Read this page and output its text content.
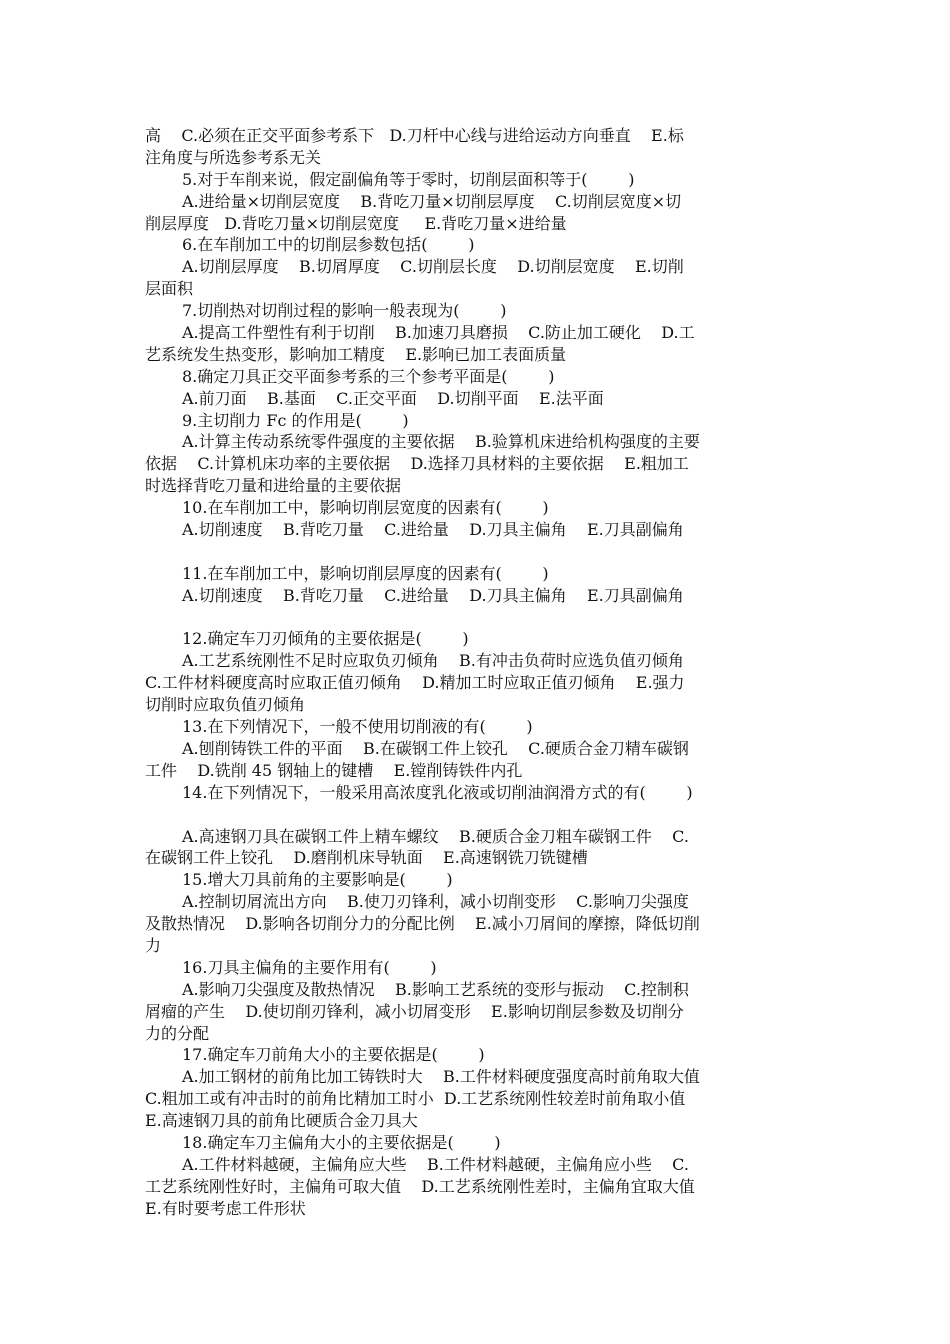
高    C.必须在正交平面参考系下   D.刀杆中心线与进给运动方向垂直    E.标
注角度与所选参考系无关
5.对于车削来说，假定副偏角等于零时，切削层面积等于(        )
A.进给量×切削层宽度    B.背吃刀量×切削层厚度    C.切削层宽度×切
削层厚度   D.背吃刀量×切削层宽度     E.背吃刀量×进给量
6.在车削加工中的切削层参数包括(        )
A.切削层厚度    B.切屑厚度    C.切削层长度    D.切削层宽度    E.切削
层面积
7.切削热对切削过程的影响一般表现为(        )
A.提高工件塑性有利于切削    B.加速刀具磨损    C.防止加工硬化    D.工
艺系统发生热变形，影响加工精度    E.影响已加工表面质量
8.确定刀具正交平面参考系的三个参考平面是(        )
A.前刀面    B.基面    C.正交平面    D.切削平面    E.法平面
9.主切削力 Fc 的作用是(        )
A.计算主传动系统零件强度的主要依据    B.验算机床进给机构强度的主要
依据    C.计算机床功率的主要依据    D.选择刀具材料的主要依据    E.粗加工
时选择背吃刀量和进给量的主要依据
10.在车削加工中，影响切削层宽度的因素有(        )
A.切削速度    B.背吃刀量    C.进给量    D.刀具主偏角    E.刀具副偏角
11.在车削加工中，影响切削层厚度的因素有(        )
A.切削速度    B.背吃刀量    C.进给量    D.刀具主偏角    E.刀具副偏角
12.确定车刀刃倾角的主要依据是(        )
A.工艺系统刚性不足时应取负刃倾角    B.有冲击负荷时应选负值刃倾角
C.工件材料硬度高时应取正值刃倾角    D.精加工时应取正值刃倾角    E.强力
切削时应取负值刃倾角
13.在下列情况下，一般不使用切削液的有(        )
A.刨削铸铁工件的平面    B.在碳钢工件上铰孔    C.硬质合金刀精车碳钢
工件    D.铣削 45 钢轴上的键槽    E.镗削铸铁件内孔
14.在下列情况下，一般采用高浓度乳化液或切削油润滑方式的有(        )
A.高速钢刀具在碳钢工件上精车螺纹    B.硬质合金刀粗车碳钢工件    C.
在碳钢工件上铰孔    D.磨削机床导轨面    E.高速钢铣刀铣键槽
15.增大刀具前角的主要影响是(        )
A.控制切屑流出方向    B.使刀刃锋利，减小切削变形    C.影响刀尖强度
及散热情况    D.影响各切削分力的分配比例    E.减小刀屑间的摩擦，降低切削
力
16.刀具主偏角的主要作用有(        )
A.影响刀尖强度及散热情况    B.影响工艺系统的变形与振动    C.控制积
屑瘤的产生    D.使切削刃锋利，减小切屑变形    E.影响切削层参数及切削分
力的分配
17.确定车刀前角大小的主要依据是(        )
A.加工钢材的前角比加工铸铁时大    B.工件材料硬度强度高时前角取大值
C.粗加工或有冲击时的前角比精加工时小  D.工艺系统刚性较差时前角取小值
E.高速钢刀具的前角比硬质合金刀具大
18.确定车刀主偏角大小的主要依据是(        )
A.工件材料越硬，主偏角应大些    B.工件材料越硬，主偏角应小些    C.
工艺系统刚性好时，主偏角可取大值    D.工艺系统刚性差时，主偏角宜取大值
E.有时要考虑工件形状
